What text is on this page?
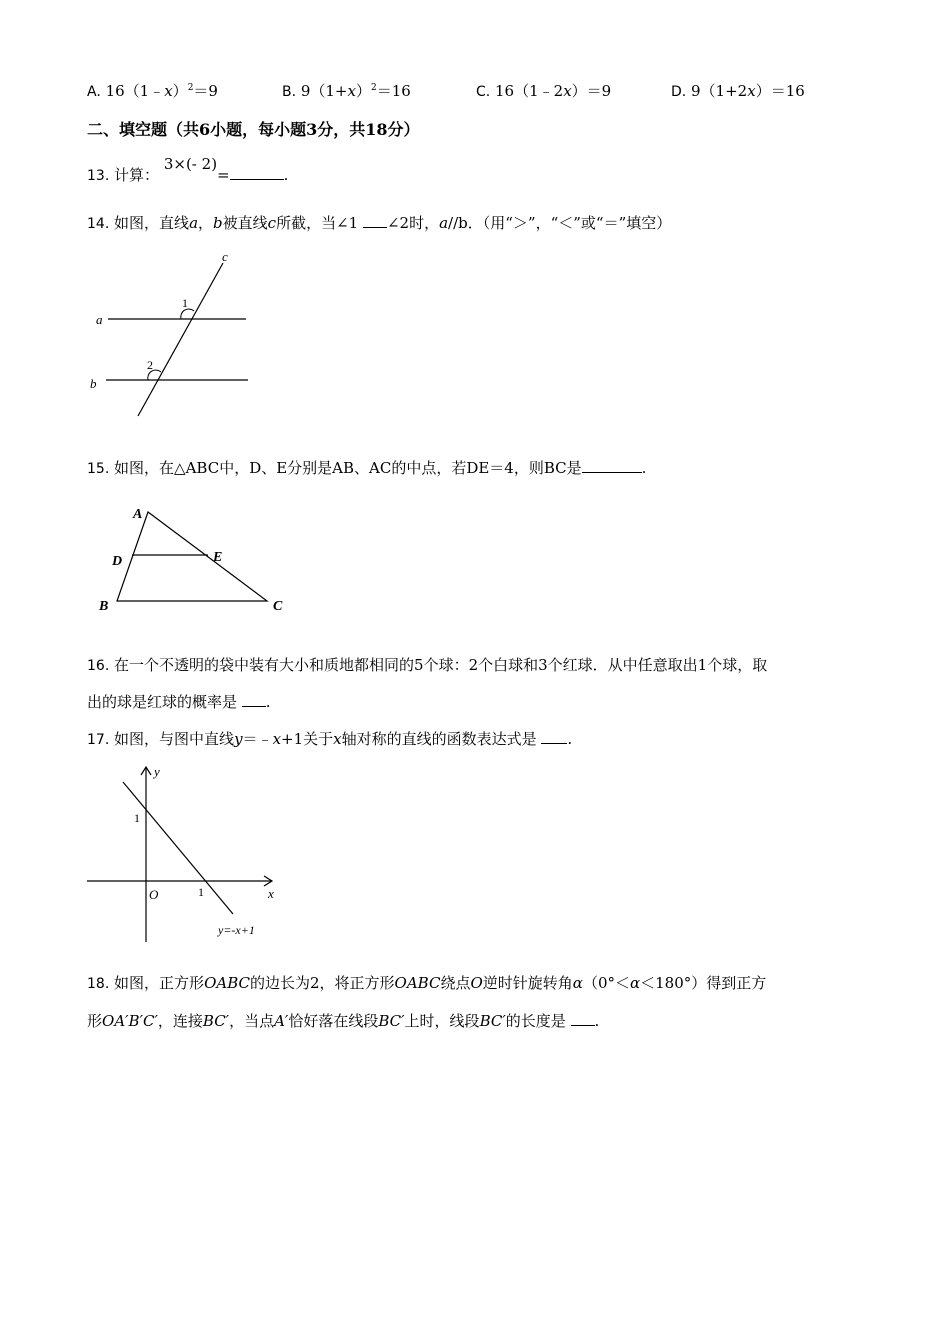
A. 16（1﹣x）$^2$＝9	B. $9(1+x)^2=16$	C. 16（1﹣2x）＝9	D. 9（1+2x）＝16
二、填空题（共6小题，每小题3分，共18分）
13. 计算： 3×(- 2)=	.
14. 如图，直线a，b被直线c所截，当∠1 ∠2时，a//b．（用“＞”，“＜”或“＝”填空）
c
a
b
1
2
15. 如图，在△ABC中，D、E分别是AB、AC的中点，若DE＝4，则BC是	.
A
D	E
B	C
16. 在一个不透明的袋中装有大小和质地都相同的5个球：2个白球和3个红球．从中任意取出1个球，取
出的球是红球的概率是 .
17. 如图，与图中直线y＝﹣x+1关于x轴对称的直线的函数表达式是 .
y
x
O
1
1
y=-x+1
18. 如图，正方形OABC的边长为2，将正方形OABC绕点O逆时针旋转角α（0°＜α＜180°）得到正方
形OA′B′C′，连接BC′，当点A′恰好落在线段BC′上时，线段BC′的长度是 .
